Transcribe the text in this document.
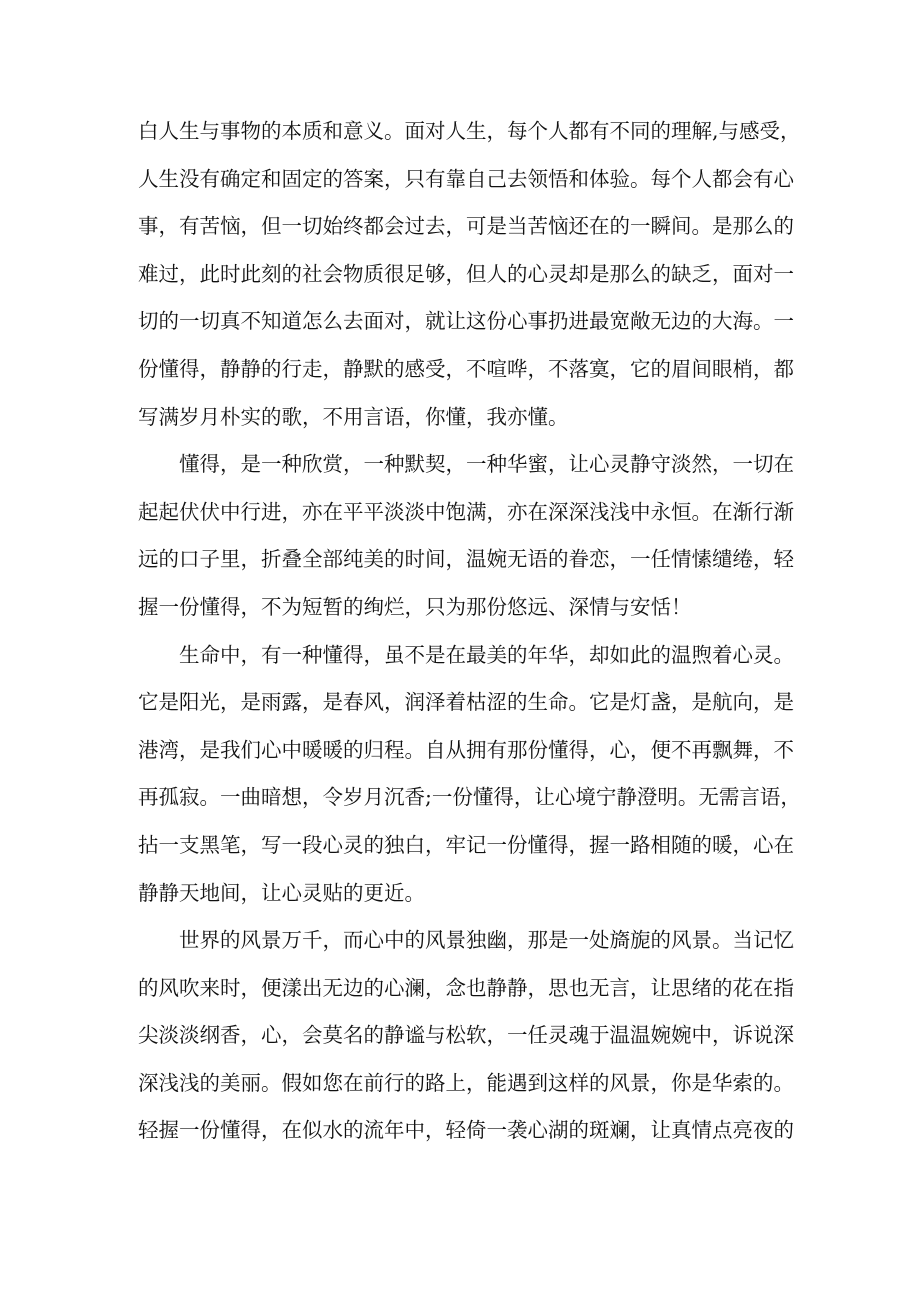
白人生与事物的本质和意义。面对人生，每个人都有不同的理解,与感受，
人生没有确定和固定的答案，只有靠自己去领悟和体验。每个人都会有心
事，有苦恼，但一切始终都会过去，可是当苦恼还在的一瞬间。是那么的
难过，此时此刻的社会物质很足够，但人的心灵却是那么的缺乏，面对一
切的一切真不知道怎么去面对，就让这份心事扔进最宽敞无边的大海。一
份懂得，静静的行走，静默的感受，不喧哗，不落寞，它的眉间眼梢，都
写满岁月朴实的歌，不用言语，你懂，我亦懂。
懂得，是一种欣赏，一种默契，一种华蜜，让心灵静守淡然，一切在
起起伏伏中行进，亦在平平淡淡中饱满，亦在深深浅浅中永恒。在渐行渐
远的口子里，折叠全部纯美的时间，温婉无语的眷恋，一任情愫缱绻，轻
握一份懂得，不为短暂的绚烂，只为那份悠远、深情与安恬！
生命中，有一种懂得，虽不是在最美的年华，却如此的温煦着心灵。
它是阳光，是雨露，是春风，润泽着枯涩的生命。它是灯盏，是航向，是
港湾，是我们心中暖暖的归程。自从拥有那份懂得，心，便不再飘舞，不
再孤寂。一曲暗想，令岁月沉香;一份懂得，让心境宁静澄明。无需言语，
拈一支黑笔，写一段心灵的独白，牢记一份懂得，握一路相随的暖，心在
静静天地间，让心灵贴的更近。
世界的风景万千，而心中的风景独幽，那是一处旖旎的风景。当记忆
的风吹来时，便漾出无边的心澜，念也静静，思也无言，让思绪的花在指
尖淡淡纲香，心，会莫名的静谧与松软，一任灵魂于温温婉婉中，诉说深
深浅浅的美丽。假如您在前行的路上，能遇到这样的风景，你是华索的。
轻握一份懂得，在似水的流年中，轻倚一袭心湖的斑斓，让真情点亮夜的
